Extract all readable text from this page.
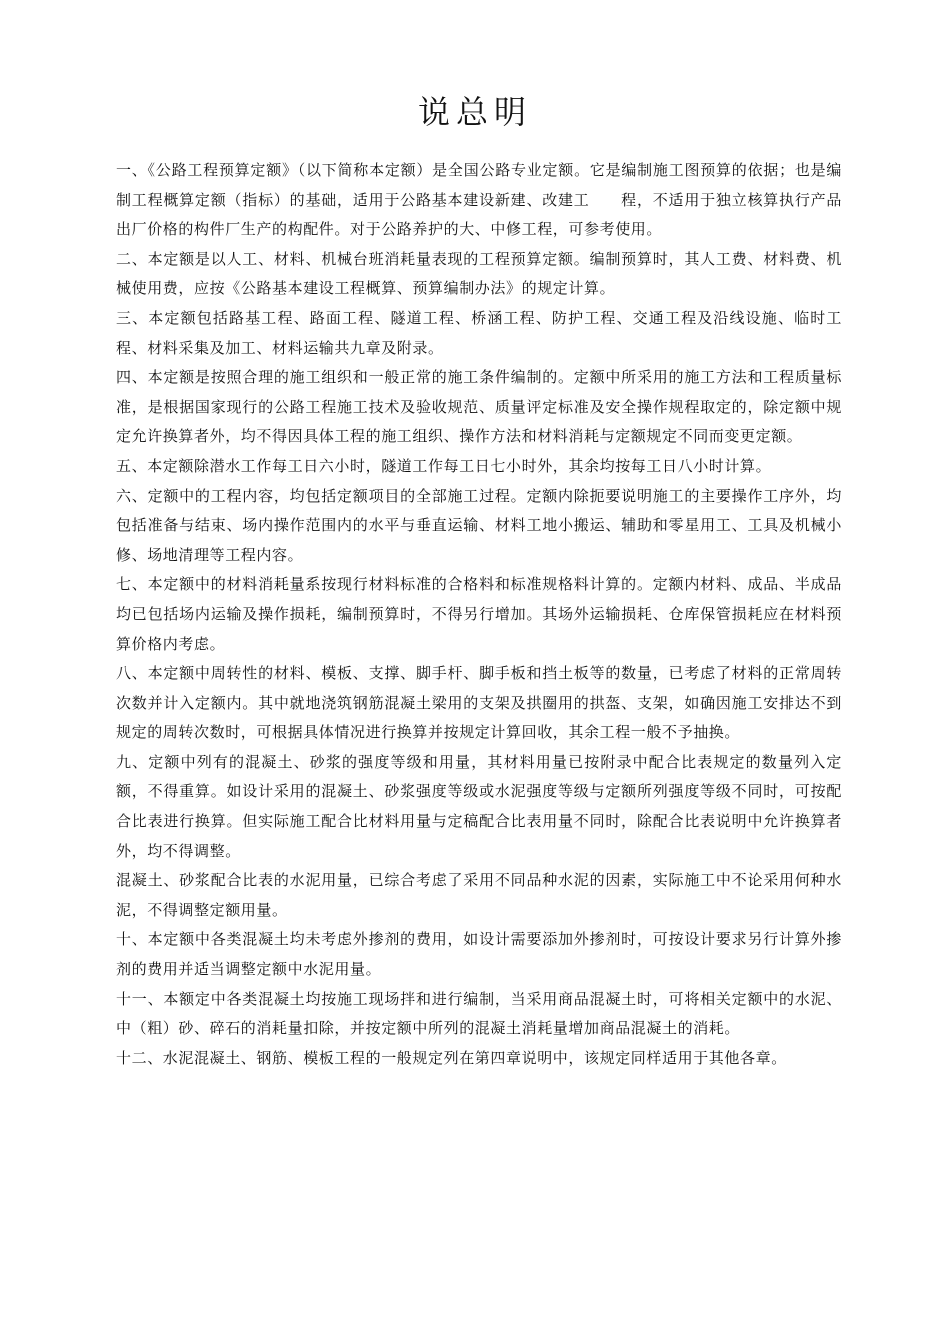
说总明

一、《公路工程预算定额》（以下简称本定额）是全国公路专业定额。它是编制施工图预算的依据；也是编制工程概算定额（指标）的基础，适用于公路基本建设新建、改建工　　程，不适用于独立核算执行产品出厂价格的构件厂生产的构配件。对于公路养护的大、中修工程，可参考使用。

二、本定额是以人工、材料、机械台班消耗量表现的工程预算定额。编制预算时，其人工费、材料费、机械使用费，应按《公路基本建设工程概算、预算编制办法》的规定计算。

三、本定额包括路基工程、路面工程、隧道工程、桥涵工程、防护工程、交通工程及沿线设施、临时工程、材料采集及加工、材料运输共九章及附录。

四、本定额是按照合理的施工组织和一般正常的施工条件编制的。定额中所采用的施工方法和工程质量标准，是根据国家现行的公路工程施工技术及验收规范、质量评定标准及安全操作规程取定的，除定额中规定允许换算者外，均不得因具体工程的施工组织、操作方法和材料消耗与定额规定不同而变更定额。

五、本定额除潜水工作每工日六小时，隧道工作每工日七小时外，其余均按每工日八小时计算。

六、定额中的工程内容，均包括定额项目的全部施工过程。定额内除扼要说明施工的主要操作工序外，均包括准备与结束、场内操作范围内的水平与垂直运输、材料工地小搬运、辅助和零星用工、工具及机械小修、场地清理等工程内容。

七、本定额中的材料消耗量系按现行材料标准的合格料和标准规格料计算的。定额内材料、成品、半成品均已包括场内运输及操作损耗，编制预算时，不得另行增加。其场外运输损耗、仓库保管损耗应在材料预算价格内考虑。

八、本定额中周转性的材料、模板、支撑、脚手杆、脚手板和挡土板等的数量，已考虑了材料的正常周转次数并计入定额内。其中就地浇筑钢筋混凝土梁用的支架及拱圈用的拱盔、支架，如确因施工安排达不到规定的周转次数时，可根据具体情况进行换算并按规定计算回收，其余工程一般不予抽换。

九、定额中列有的混凝土、砂浆的强度等级和用量，其材料用量已按附录中配合比表规定的数量列入定额，不得重算。如设计采用的混凝土、砂浆强度等级或水泥强度等级与定额所列强度等级不同时，可按配合比表进行换算。但实际施工配合比材料用量与定稿配合比表用量不同时，除配合比表说明中允许换算者外，均不得调整。

混凝土、砂浆配合比表的水泥用量，已综合考虑了采用不同品种水泥的因素，实际施工中不论采用何种水泥，不得调整定额用量。

十、本定额中各类混凝土均未考虑外掺剂的费用，如设计需要添加外掺剂时，可按设计要求另行计算外掺剂的费用并适当调整定额中水泥用量。

十一、本额定中各类混凝土均按施工现场拌和进行编制，当采用商品混凝土时，可将相关定额中的水泥、中（粗）砂、碎石的消耗量扣除，并按定额中所列的混凝土消耗量增加商品混凝土的消耗。

十二、水泥混凝土、钢筋、模板工程的一般规定列在第四章说明中，该规定同样适用于其他各章。
